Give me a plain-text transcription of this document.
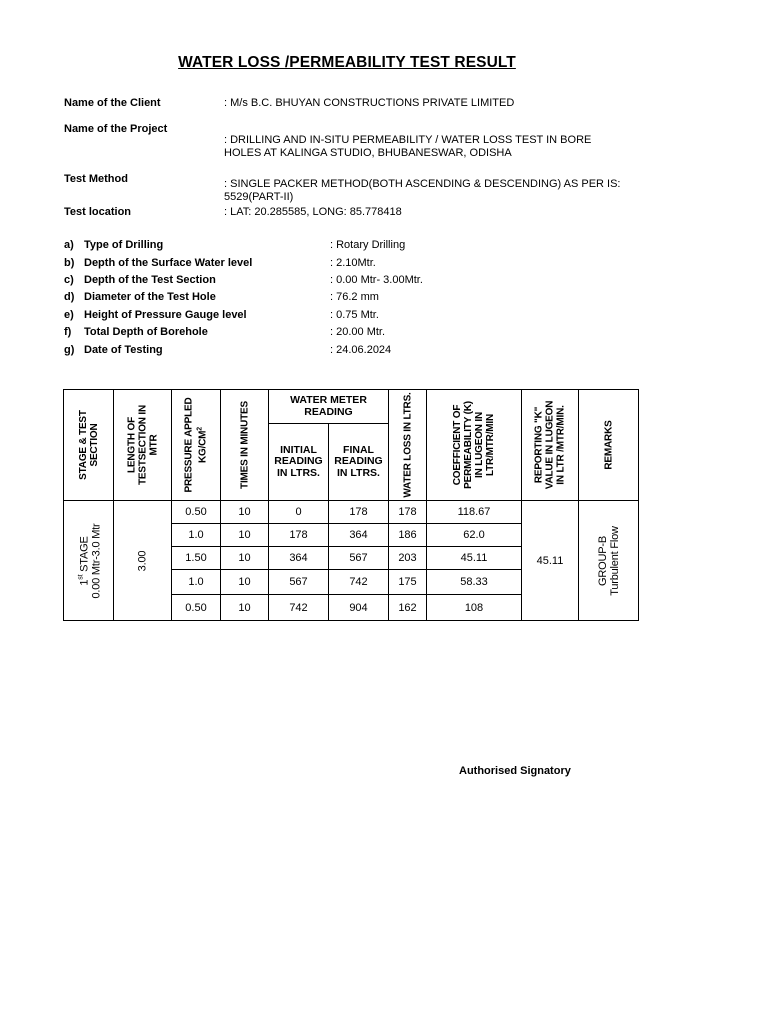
WATER LOSS /PERMEABILITY TEST RESULT
Name of the Client	: M/s B.C. BHUYAN CONSTRUCTIONS PRIVATE LIMITED
Name of the Project
: DRILLING AND IN-SITU PERMEABILITY / WATER LOSS TEST IN BORE HOLES AT KALINGA STUDIO, BHUBANESWAR, ODISHA
Test Method	: SINGLE PACKER METHOD(BOTH ASCENDING & DESCENDING) AS PER IS: 5529(PART-II)
Test location	: LAT: 20.285585, LONG: 85.778418
a) Type of Drilling	: Rotary Drilling
b) Depth of the Surface Water level	: 2.10Mtr.
c) Depth of the Test Section	: 0.00 Mtr- 3.00Mtr.
d) Diameter of the Test Hole	: 76.2 mm
e) Height of Pressure Gauge level	: 0.75 Mtr.
f) Total Depth of Borehole	: 20.00 Mtr.
g) Date of Testing	: 24.06.2024
STAGE & TEST SECTION	LENGTH OF TESTSECTION IN MTR	PRESSURE APPLED $KG/CM^2$	TIMES IN MINUTES	WATER METER READING		WATER LOSS IN LTRS.	COEFFICIENT OF PERMEABILITY (K) IN LUGEON IN LTR/MTR/MIN	REPORTING "K" VALUE IN LUGEON IN LTR /MTR/MIN.	REMARKS

				INITIAL READING IN LTRS.	FINAL READING IN LTRS.				

1st STAGE
0.00 Mtr-3.0 Mtr	3.00	0.50	10	0	178	178	118.67	45.11	GROUP-B
Turbulent Flow

		1.0	10	178	364	186	62.0		
		1.50	10	364	567	203	45.11		
		1.0	10	567	742	175	58.33		
		0.50	10	742	904	162	108		
Authorised Signatory
